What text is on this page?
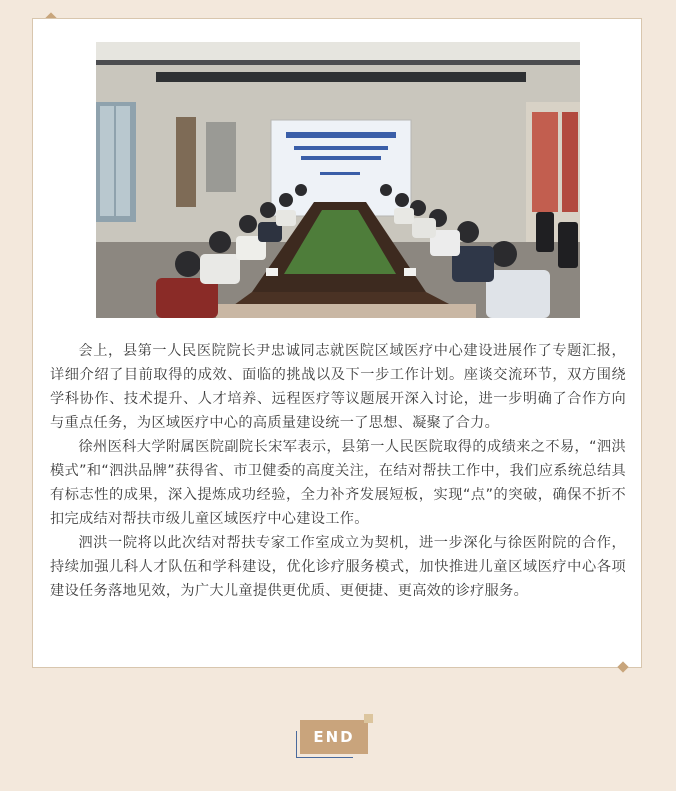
会上，县第一人民医院院长尹忠诚同志就医院区域医疗中心建设进展作了专题汇报，详细介绍了目前取得的成效、面临的挑战以及下一步工作计划。座谈交流环节，双方围绕学科协作、技术提升、人才培养、远程医疗等议题展开深入讨论，进一步明确了合作方向与重点任务，为区域医疗中心的高质量建设统一了思想、凝聚了合力。

徐州医科大学附属医院副院长宋军表示，县第一人民医院取得的成绩来之不易，“泗洪模式”和“泗洪品牌”获得省、市卫健委的高度关注，在结对帮扶工作中，我们应系统总结具有标志性的成果，深入提炼成功经验，全力补齐发展短板，实现“点”的突破，确保不折不扣完成结对帮扶市级儿童区域医疗中心建设工作。

泗洪一院将以此次结对帮扶专家工作室成立为契机，进一步深化与徐医附院的合作，持续加强儿科人才队伍和学科建设，优化诊疗服务模式，加快推进儿童区域医疗中心各项建设任务落地见效，为广大儿童提供更优质、更便捷、更高效的诊疗服务。

END
